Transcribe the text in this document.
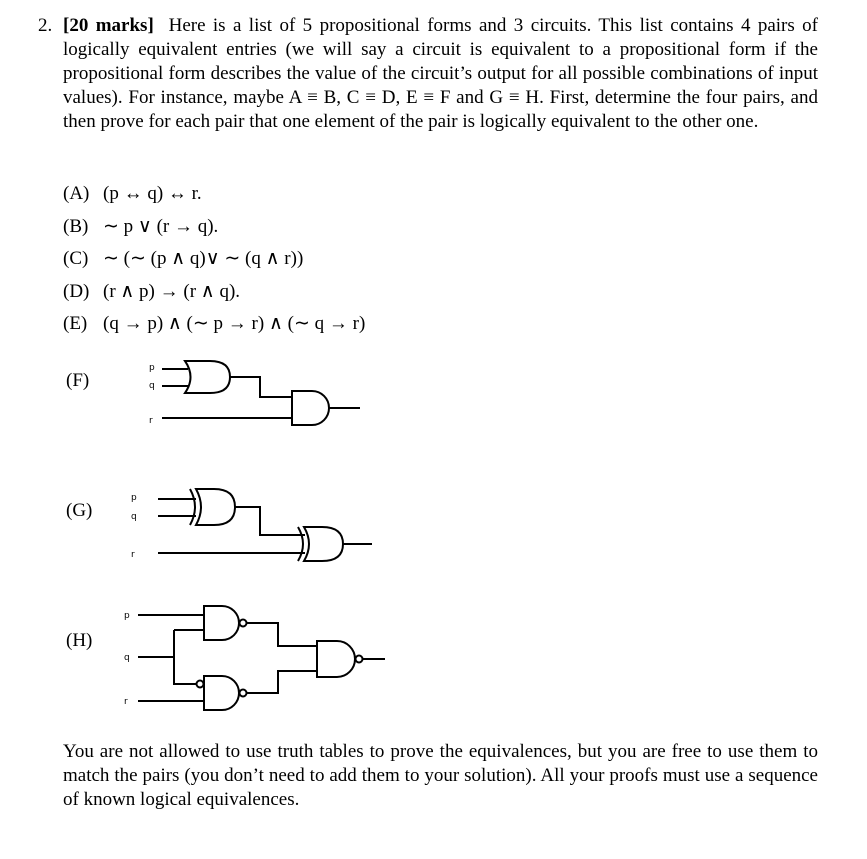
2. [20 marks] Here is a list of 5 propositional forms and 3 circuits. This list contains 4 pairs of logically equivalent entries (we will say a circuit is equivalent to a propositional form if the propositional form describes the value of the circuit’s output for all possible combinations of input values). For instance, maybe A ≡ B, C ≡ D, E ≡ F and G ≡ H. First, determine the four pairs, and then prove for each pair that one element of the pair is logically equivalent to the other one.
(A) (p ↔ q) ↔ r.
(B) ∼ p ∨ (r → q).
(C) ∼ (∼ (p ∧ q)∨ ∼ (q ∧ r))
(D) (r ∧ p) → (r ∧ q).
(E) (q → p) ∧ (∼ p → r) ∧ (∼ q → r)
(F)
p
q
r
(G)
p
q
r
(H)
p
q
r
You are not allowed to use truth tables to prove the equivalences, but you are free to use them to match the pairs (you don’t need to add them to your solution). All your proofs must use a sequence of known logical equivalences.
